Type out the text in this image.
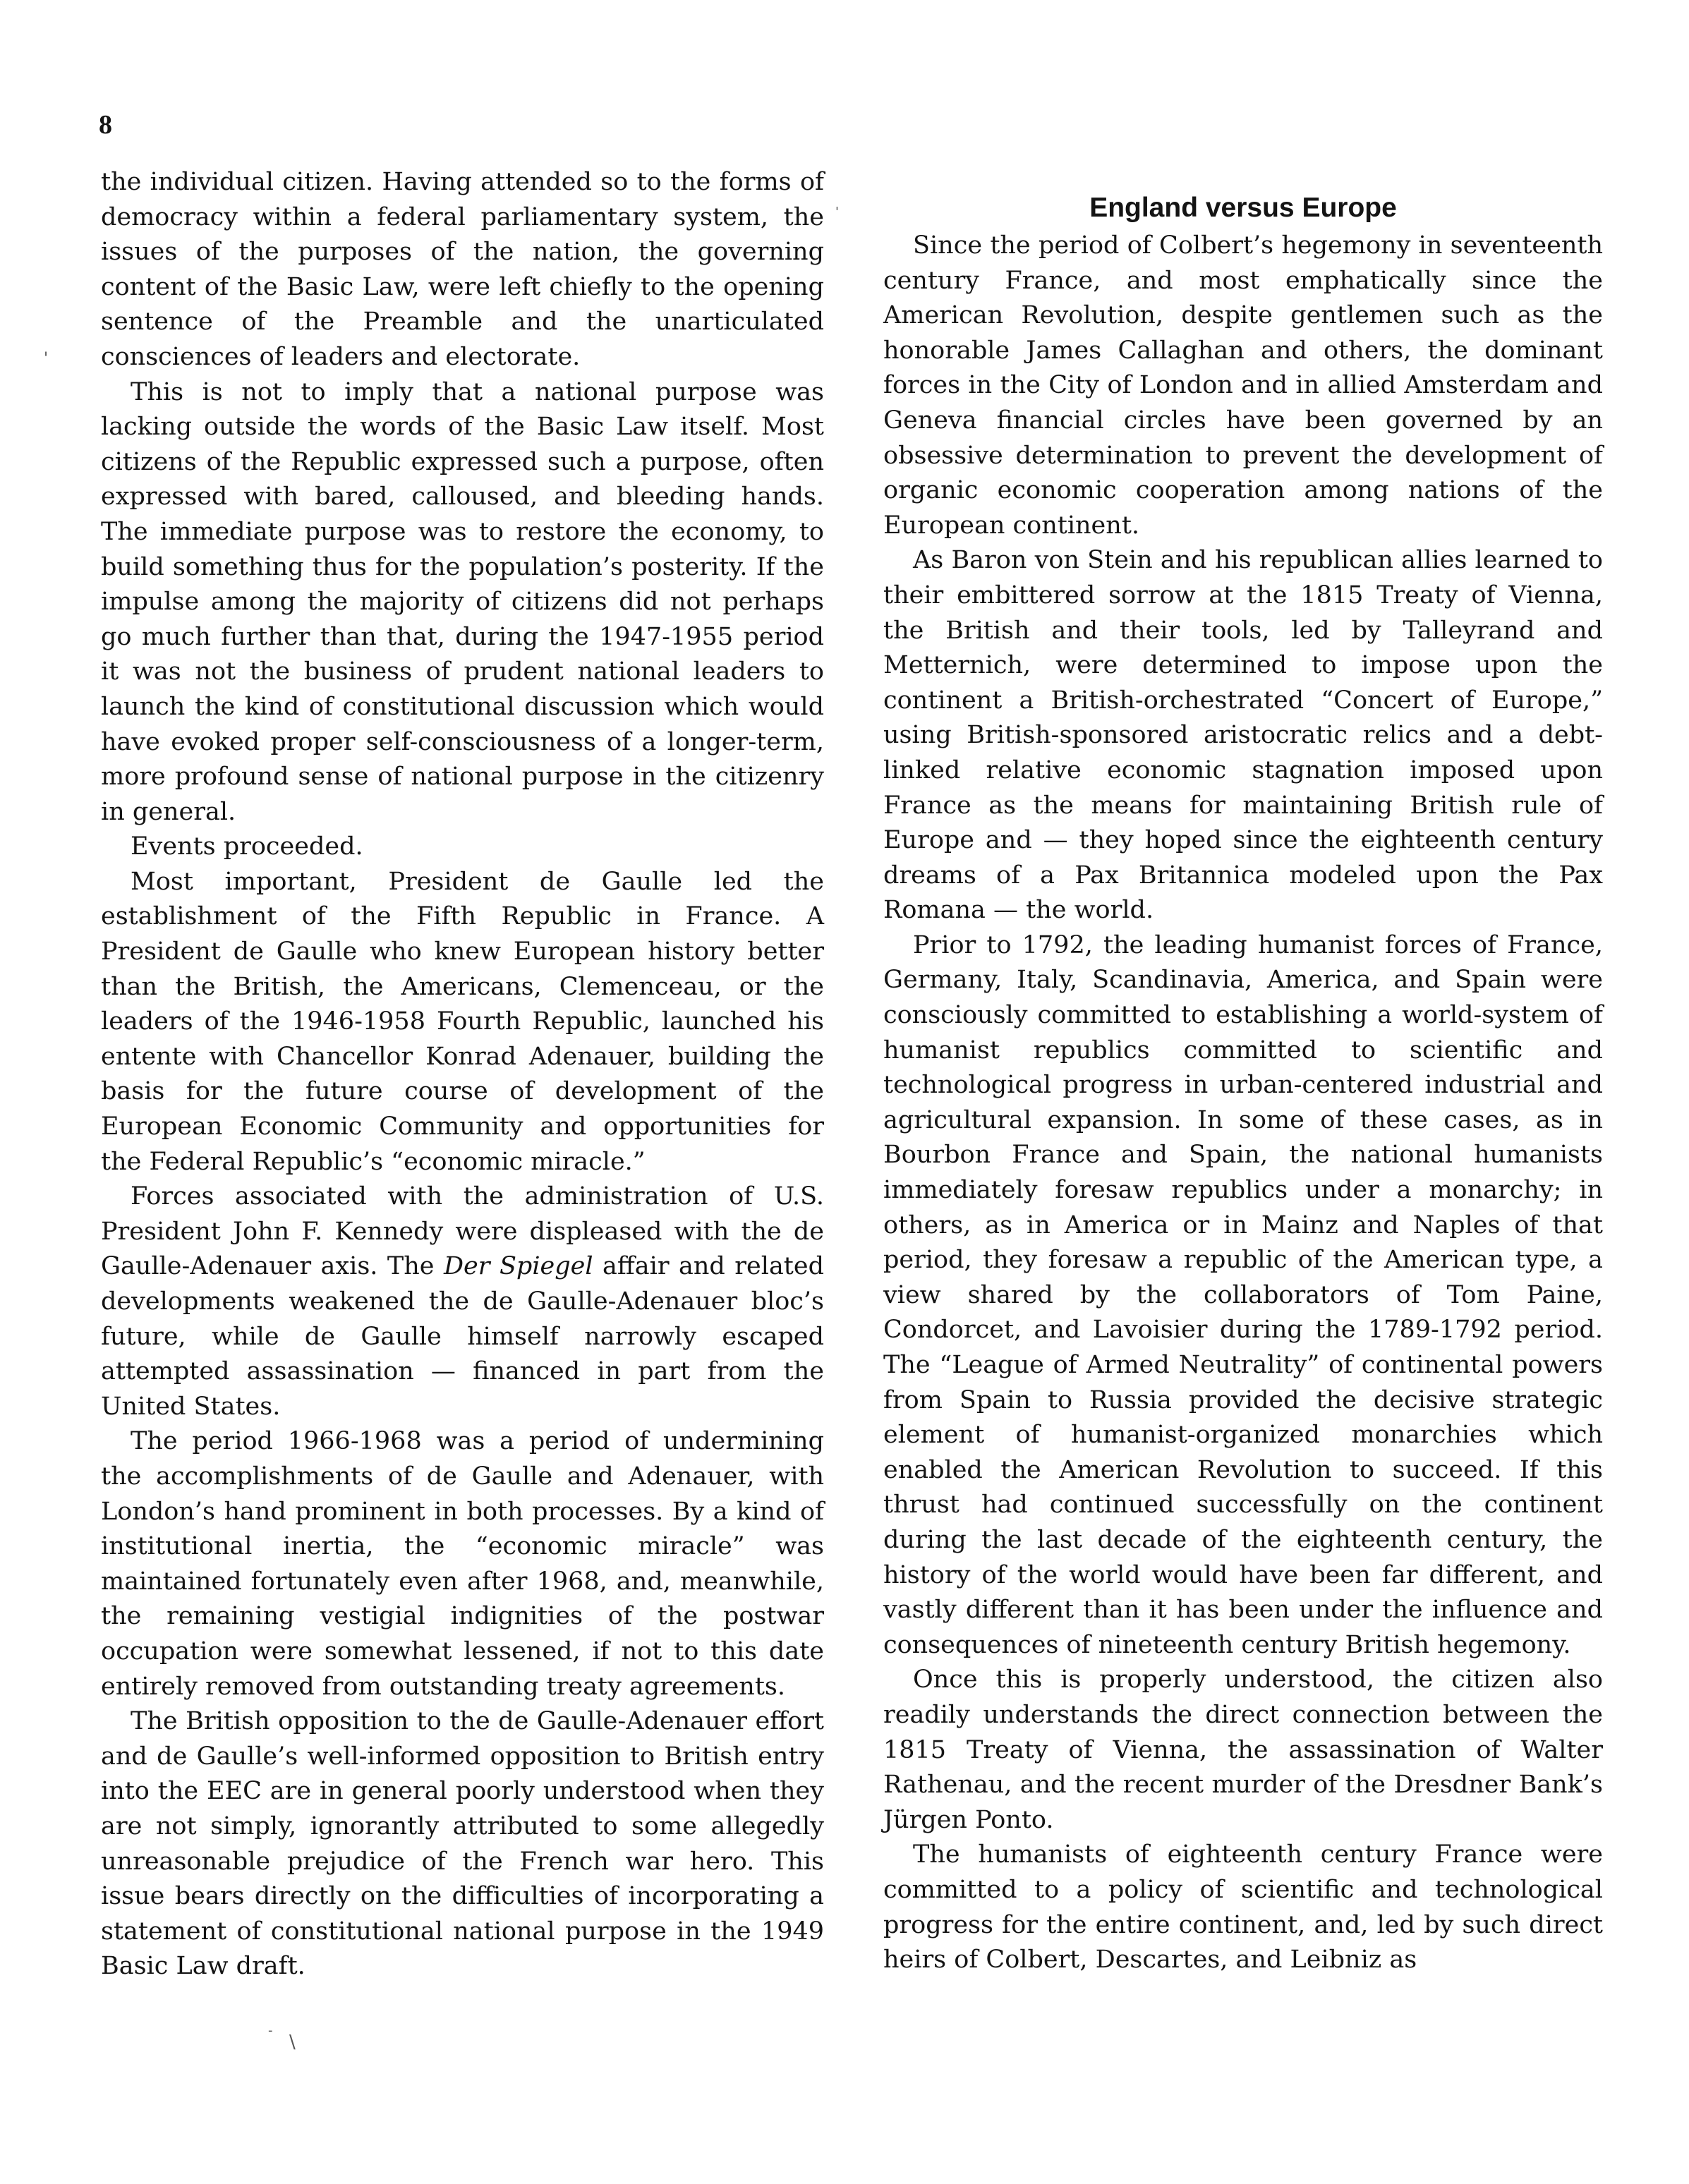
8

the individual citizen. Having attended so to the forms of democracy within a federal parliamentary system, the issues of the purposes of the nation, the governing content of the Basic Law, were left chiefly to the opening sentence of the Preamble and the unarticulated consciences of leaders and electorate.

This is not to imply that a national purpose was lacking outside the words of the Basic Law itself. Most citizens of the Republic expressed such a purpose, often expressed with bared, calloused, and bleeding hands. The immediate purpose was to restore the economy, to build something thus for the population’s posterity. If the impulse among the majority of citizens did not perhaps go much further than that, during the 1947-1955 period it was not the business of prudent national leaders to launch the kind of constitutional discussion which would have evoked proper self-consciousness of a longer-term, more profound sense of national purpose in the citizenry in general.

Events proceeded.

Most important, President de Gaulle led the establishment of the Fifth Republic in France. A President de Gaulle who knew European history better than the British, the Americans, Clemenceau, or the leaders of the 1946-1958 Fourth Republic, launched his entente with Chancellor Konrad Adenauer, building the basis for the future course of development of the European Economic Community and opportunities for the Federal Republic’s “economic miracle.”

Forces associated with the administration of U.S. President John F. Kennedy were displeased with the de Gaulle-Adenauer axis. The Der Spiegel affair and related developments weakened the de Gaulle-Adenauer bloc’s future, while de Gaulle himself narrowly escaped attempted assassination — financed in part from the United States.

The period 1966-1968 was a period of undermining the accomplishments of de Gaulle and Adenauer, with London’s hand prominent in both processes. By a kind of institutional inertia, the “economic miracle” was maintained fortunately even after 1968, and, meanwhile, the remaining vestigial indignities of the postwar occupation were somewhat lessened, if not to this date entirely removed from outstanding treaty agreements.

The British opposition to the de Gaulle-Adenauer effort and de Gaulle’s well-informed opposition to British entry into the EEC are in general poorly understood when they are not simply, ignorantly attributed to some allegedly unreasonable prejudice of the French war hero. This issue bears directly on the difficulties of incorporating a statement of constitutional national purpose in the 1949 Basic Law draft.

England versus Europe

Since the period of Colbert’s hegemony in seventeenth century France, and most emphatically since the American Revolution, despite gentlemen such as the honorable James Callaghan and others, the dominant forces in the City of London and in allied Amsterdam and Geneva financial circles have been governed by an obsessive determination to prevent the development of organic economic cooperation among nations of the European continent.

As Baron von Stein and his republican allies learned to their embittered sorrow at the 1815 Treaty of Vienna, the British and their tools, led by Talleyrand and Metternich, were determined to impose upon the continent a British-orchestrated “Concert of Europe,” using British-sponsored aristocratic relics and a debt-linked relative economic stagnation imposed upon France as the means for maintaining British rule of Europe and — they hoped since the eighteenth century dreams of a Pax Britannica modeled upon the Pax Romana — the world.

Prior to 1792, the leading humanist forces of France, Germany, Italy, Scandinavia, America, and Spain were consciously committed to establishing a world-system of humanist republics committed to scientific and technological progress in urban-centered industrial and agricultural expansion. In some of these cases, as in Bourbon France and Spain, the national humanists immediately foresaw republics under a monarchy; in others, as in America or in Mainz and Naples of that period, they foresaw a republic of the American type, a view shared by the collaborators of Tom Paine, Condorcet, and Lavoisier during the 1789-1792 period. The “League of Armed Neutrality” of continental powers from Spain to Russia provided the decisive strategic element of humanist-organized monarchies which enabled the American Revolution to succeed. If this thrust had continued successfully on the continent during the last decade of the eighteenth century, the history of the world would have been far different, and vastly different than it has been under the influence and consequences of nineteenth century British hegemony.

Once this is properly understood, the citizen also readily understands the direct connection between the 1815 Treaty of Vienna, the assassination of Walter Rathenau, and the recent murder of the Dresdner Bank’s Jürgen Ponto.

The humanists of eighteenth century France were committed to a policy of scientific and technological progress for the entire continent, and, led by such direct heirs of Colbert, Descartes, and Leibniz as

\
-
'
'
